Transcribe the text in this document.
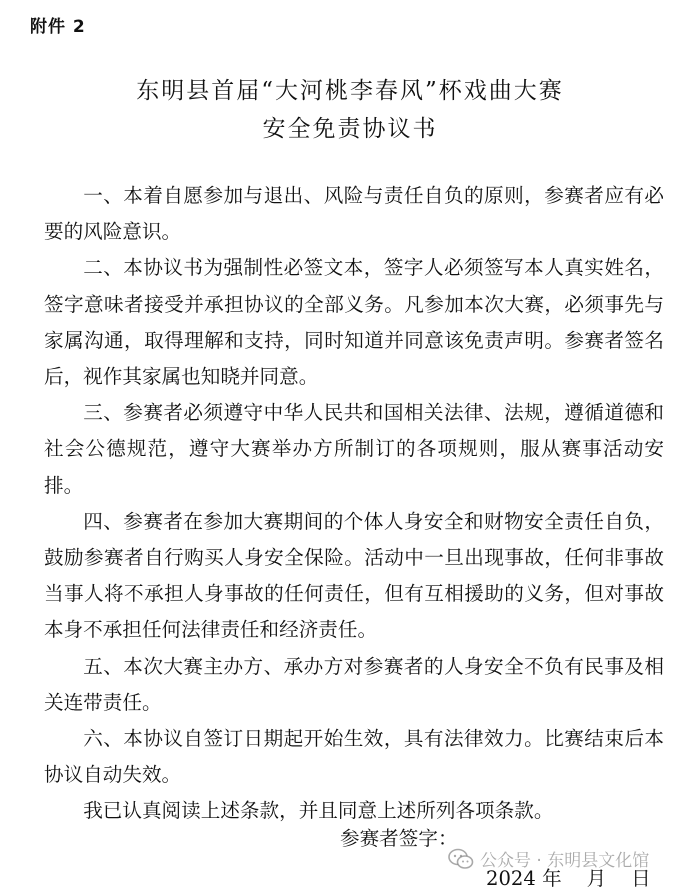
附件 2
东明县首届“大河桃李春风”杯戏曲大赛
安全免责协议书

一、本着自愿参加与退出、风险与责任自负的原则，参赛者应有必要的风险意识。

二、本协议书为强制性必签文本，签字人必须签写本人真实姓名，签字意味者接受并承担协议的全部义务。凡参加本次大赛，必须事先与家属沟通，取得理解和支持，同时知道并同意该免责声明。参赛者签名后，视作其家属也知晓并同意。

三、参赛者必须遵守中华人民共和国相关法律、法规，遵循道德和社会公德规范，遵守大赛举办方所制订的各项规则，服从赛事活动安排。

四、参赛者在参加大赛期间的个体人身安全和财物安全责任自负，鼓励参赛者自行购买人身安全保险。活动中一旦出现事故，任何非事故当事人将不承担人身事故的任何责任，但有互相援助的义务，但对事故本身不承担任何法律责任和经济责任。

五、本次大赛主办方、承办方对参赛者的人身安全不负有民事及相关连带责任。

六、本协议自签订日期起开始生效，具有法律效力。比赛结束后本协议自动失效。

我已认真阅读上述条款，并且同意上述所列各项条款。

参赛者签字：
公众号 · 东明县文化馆
2024 年    月    日
